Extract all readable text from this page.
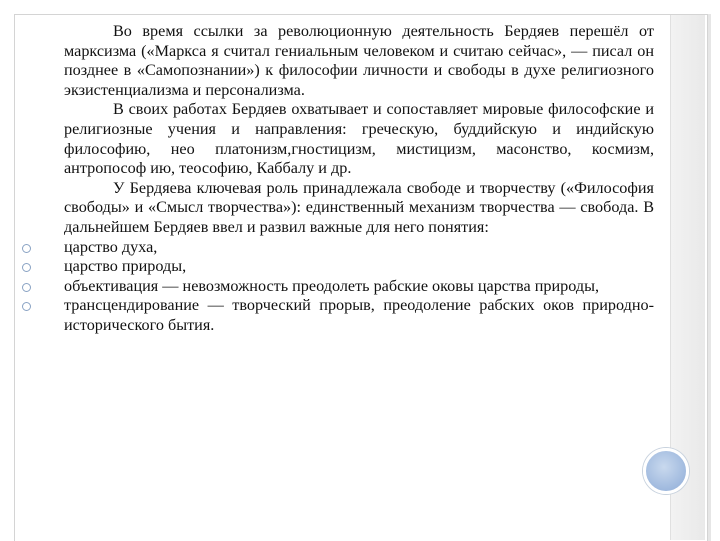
Во время ссылки за революционную деятельность Бердяев перешёл от марксизма («Маркса я считал гениальным человеком и считаю сейчас», — писал он позднее в «Самопознании») к философии личности и свободы в духе религиозного экзистенциализма и персонализма.

В своих работах Бердяев охватывает и сопоставляет мировые философские и религиозные учения и направления: греческую, буддийскую и индийскую философию, нео платонизм,гностицизм, мистицизм, масонство, космизм, антропософ ию, теософию, Каббалу и др.

У Бердяева ключевая роль принадлежала свободе и творчеству («Философия свободы» и «Смысл творчества»): единственный механизм творчества — свобода. В дальнейшем Бердяев ввел и развил важные для него понятия:

царство духа,
царство природы,
объективация — невозможность преодолеть рабские оковы царства природы,
трансцендирование — творческий прорыв, преодоление рабских оков природно-исторического бытия.
